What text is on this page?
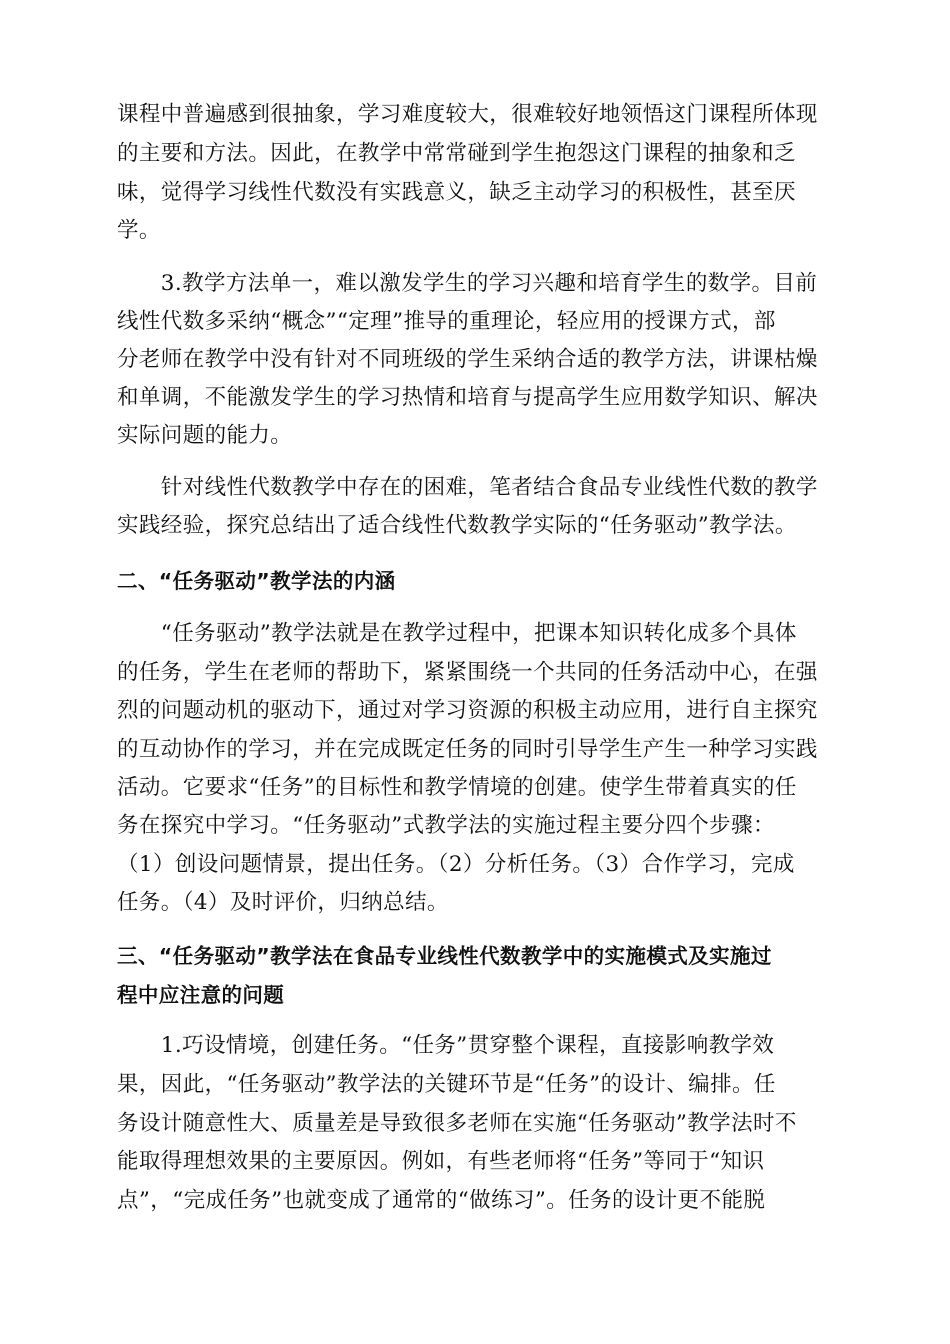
课程中普遍感到很抽象，学习难度较大，很难较好地领悟这门课程所体现
的主要和方法。因此，在教学中常常碰到学生抱怨这门课程的抽象和乏
味，觉得学习线性代数没有实践意义，缺乏主动学习的积极性，甚至厌
学。
　　3.教学方法单一，难以激发学生的学习兴趣和培育学生的数学。目前
线性代数多采纳“概念”“定理”推导的重理论，轻应用的授课方式，部
分老师在教学中没有针对不同班级的学生采纳合适的教学方法，讲课枯燥
和单调，不能激发学生的学习热情和培育与提高学生应用数学知识、解决
实际问题的能力。
　　针对线性代数教学中存在的困难，笔者结合食品专业线性代数的教学
实践经验，探究总结出了适合线性代数教学实际的“任务驱动”教学法。
二、“任务驱动”教学法的内涵
　　“任务驱动”教学法就是在教学过程中，把课本知识转化成多个具体
的任务，学生在老师的帮助下，紧紧围绕一个共同的任务活动中心，在强
烈的问题动机的驱动下，通过对学习资源的积极主动应用，进行自主探究
的互动协作的学习，并在完成既定任务的同时引导学生产生一种学习实践
活动。它要求“任务”的目标性和教学情境的创建。使学生带着真实的任
务在探究中学习。“任务驱动”式教学法的实施过程主要分四个步骤：
（1）创设问题情景，提出任务。（2）分析任务。（3）合作学习，完成
任务。（4）及时评价，归纳总结。
三、“任务驱动”教学法在食品专业线性代数教学中的实施模式及实施过
程中应注意的问题
　　1.巧设情境，创建任务。“任务”贯穿整个课程，直接影响教学效
果，因此，“任务驱动”教学法的关键环节是“任务”的设计、编排。任
务设计随意性大、质量差是导致很多老师在实施“任务驱动”教学法时不
能取得理想效果的主要原因。例如，有些老师将“任务”等同于“知识
点”，“完成任务”也就变成了通常的“做练习”。任务的设计更不能脱
